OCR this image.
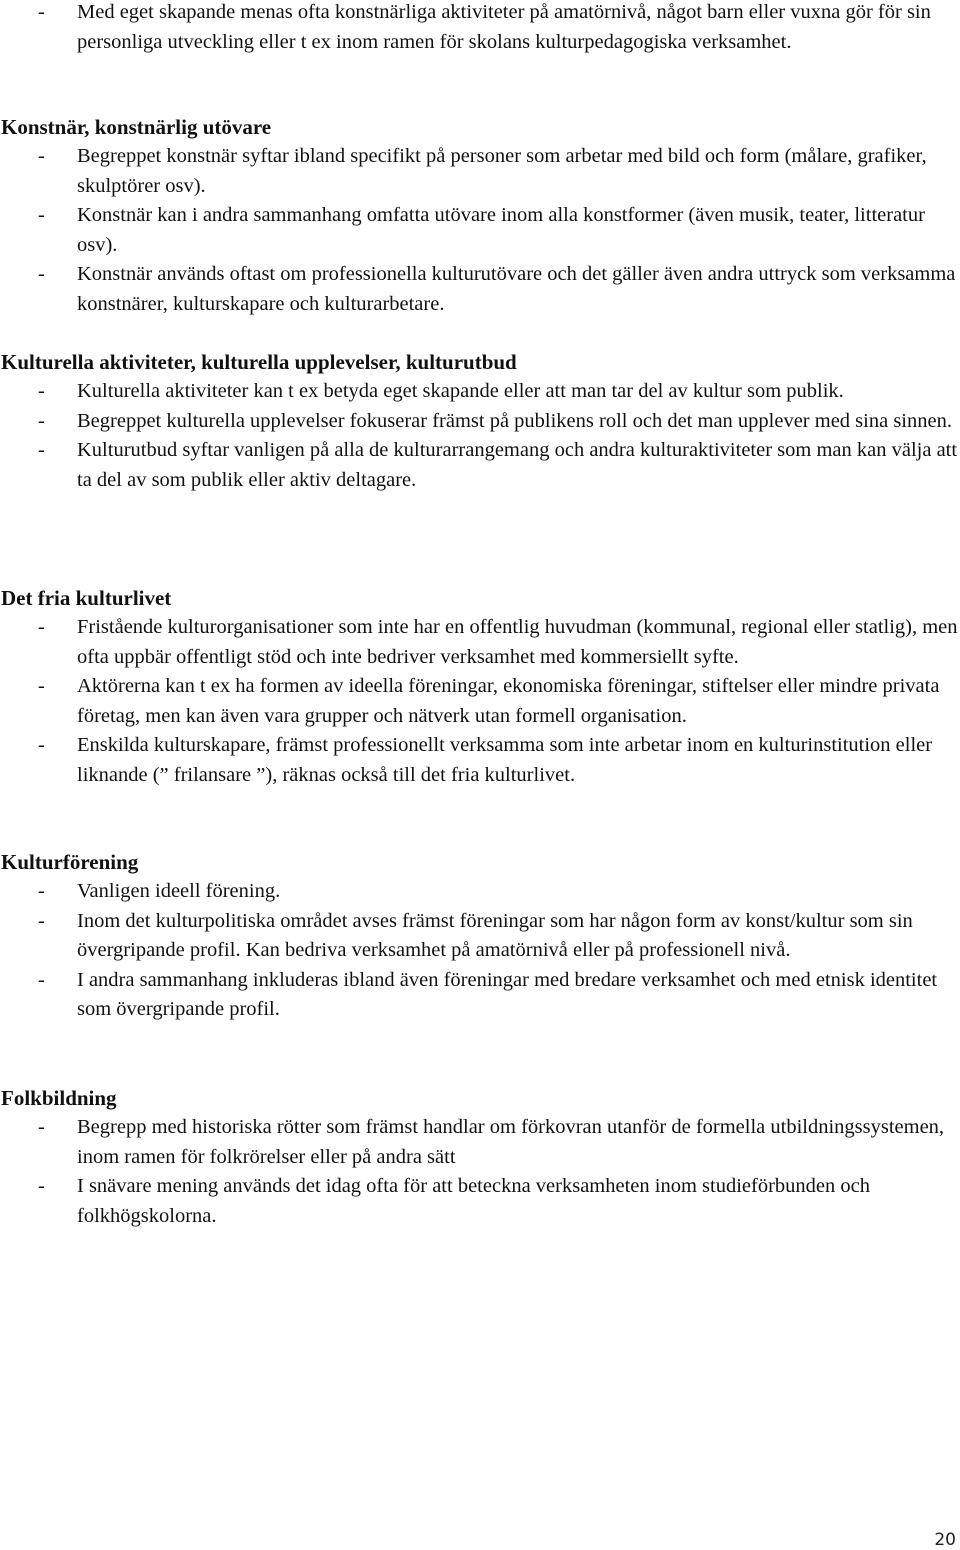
- Med eget skapande menas ofta konstnärliga aktiviteter på amatörnivå, något barn eller vuxna gör för sin personliga utveckling eller t ex inom ramen för skolans kulturpedagogiska verksamhet.
Konstnär, konstnärlig utövare
- Begreppet konstnär syftar ibland specifikt på personer som arbetar med bild och form (målare, grafiker, skulptörer osv).
- Konstnär kan i andra sammanhang omfatta utövare inom alla konstformer (även musik, teater, litteratur osv).
- Konstnär används oftast om professionella kulturutövare och det gäller även andra uttryck som verksamma konstnärer, kulturskapare och kulturarbetare.
Kulturella aktiviteter, kulturella upplevelser, kulturutbud
- Kulturella aktiviteter kan t ex betyda eget skapande eller att man tar del av kultur som publik.
- Begreppet kulturella upplevelser fokuserar främst på publikens roll och det man upplever med sina sinnen.
- Kulturutbud syftar vanligen på alla de kulturarrangemang och andra kulturaktiviteter som man kan välja att ta del av som publik eller aktiv deltagare.
Det fria kulturlivet
- Fristående kulturorganisationer som inte har en offentlig huvudman (kommunal, regional eller statlig), men ofta uppbär offentligt stöd och inte bedriver verksamhet med kommersiellt syfte.
- Aktörerna kan t ex ha formen av ideella föreningar, ekonomiska föreningar, stiftelser eller mindre privata företag, men kan även vara grupper och nätverk utan formell organisation.
- Enskilda kulturskapare, främst professionellt verksamma som inte arbetar inom en kulturinstitution eller liknande (” frilansare ”), räknas också till det fria kulturlivet.
Kulturförening
- Vanligen ideell förening.
- Inom det kulturpolitiska området avses främst föreningar som har någon form av konst/kultur som sin övergripande profil. Kan bedriva verksamhet på amatörnivå eller på professionell nivå.
- I andra sammanhang inkluderas ibland även föreningar med bredare verksamhet och med etnisk identitet som övergripande profil.
Folkbildning
- Begrepp med historiska rötter som främst handlar om förkovran utanför de formella utbildningssystemen, inom ramen för folkrörelser eller på andra sätt
- I snävare mening används det idag ofta för att beteckna verksamheten inom studieförbunden och folkhögskolorna.
20
